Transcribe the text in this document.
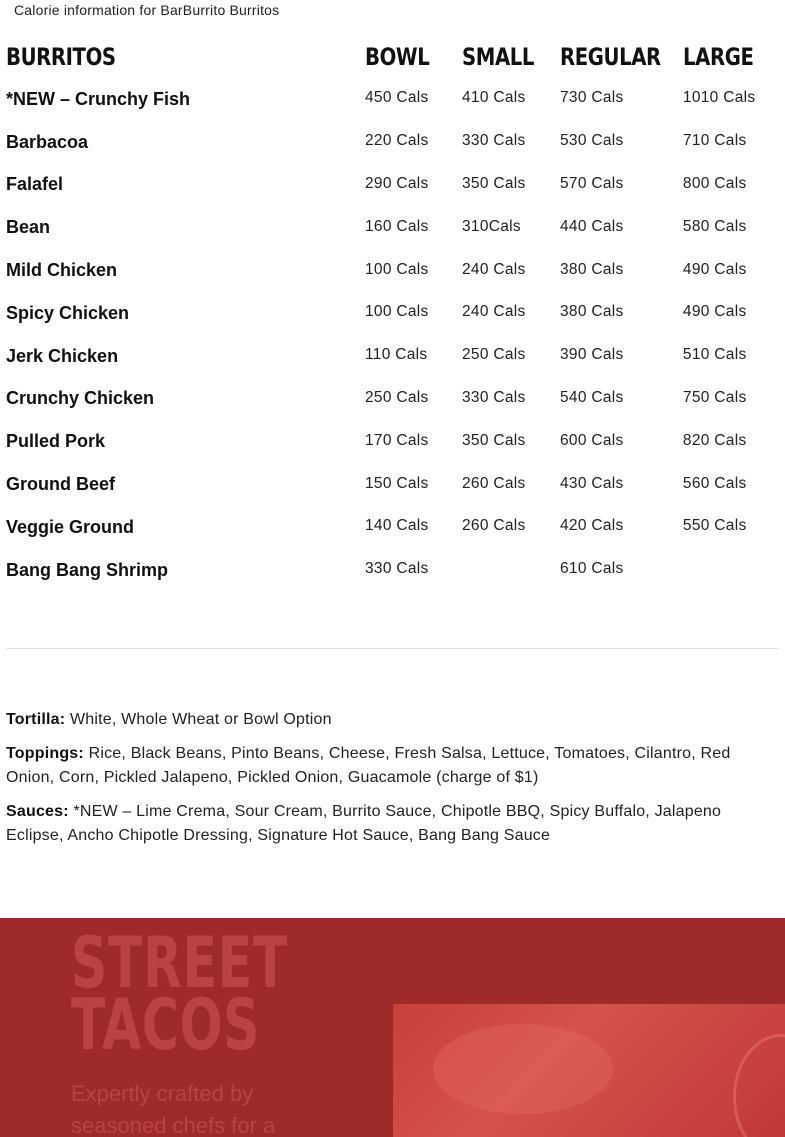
Calorie information for BarBurrito Burritos
BURRITOS	BOWL	SMALL	REGULAR	LARGE
*NEW – Crunchy Fish	450 Cals	410 Cals	730 Cals	1010 Cals
Barbacoa	220 Cals	330 Cals	530 Cals	710 Cals
Falafel	290 Cals	350 Cals	570 Cals	800 Cals
Bean	160 Cals	310Cals	440 Cals	580 Cals
Mild Chicken	100 Cals	240 Cals	380 Cals	490 Cals
Spicy Chicken	100 Cals	240 Cals	380 Cals	490 Cals
Jerk Chicken	110 Cals	250 Cals	390 Cals	510 Cals
Crunchy Chicken	250 Cals	330 Cals	540 Cals	750 Cals
Pulled Pork	170 Cals	350 Cals	600 Cals	820 Cals
Ground Beef	150 Cals	260 Cals	430 Cals	560 Cals
Veggie Ground	140 Cals	260 Cals	420 Cals	550 Cals
Bang Bang Shrimp	330 Cals		610 Cals	
Tortilla: White, Whole Wheat or Bowl Option
Toppings: Rice, Black Beans, Pinto Beans, Cheese, Fresh Salsa, Lettuce, Tomatoes, Cilantro, Red Onion, Corn, Pickled Jalapeno, Pickled Onion, Guacamole (charge of $1)
Sauces: *NEW – Lime Crema, Sour Cream, Burrito Sauce, Chipotle BBQ, Spicy Buffalo, Jalapeno Eclipse, Ancho Chipotle Dressing, Signature Hot Sauce, Bang Bang Sauce
STREET
TACOS
Expertly crafted by seasoned chefs for a
